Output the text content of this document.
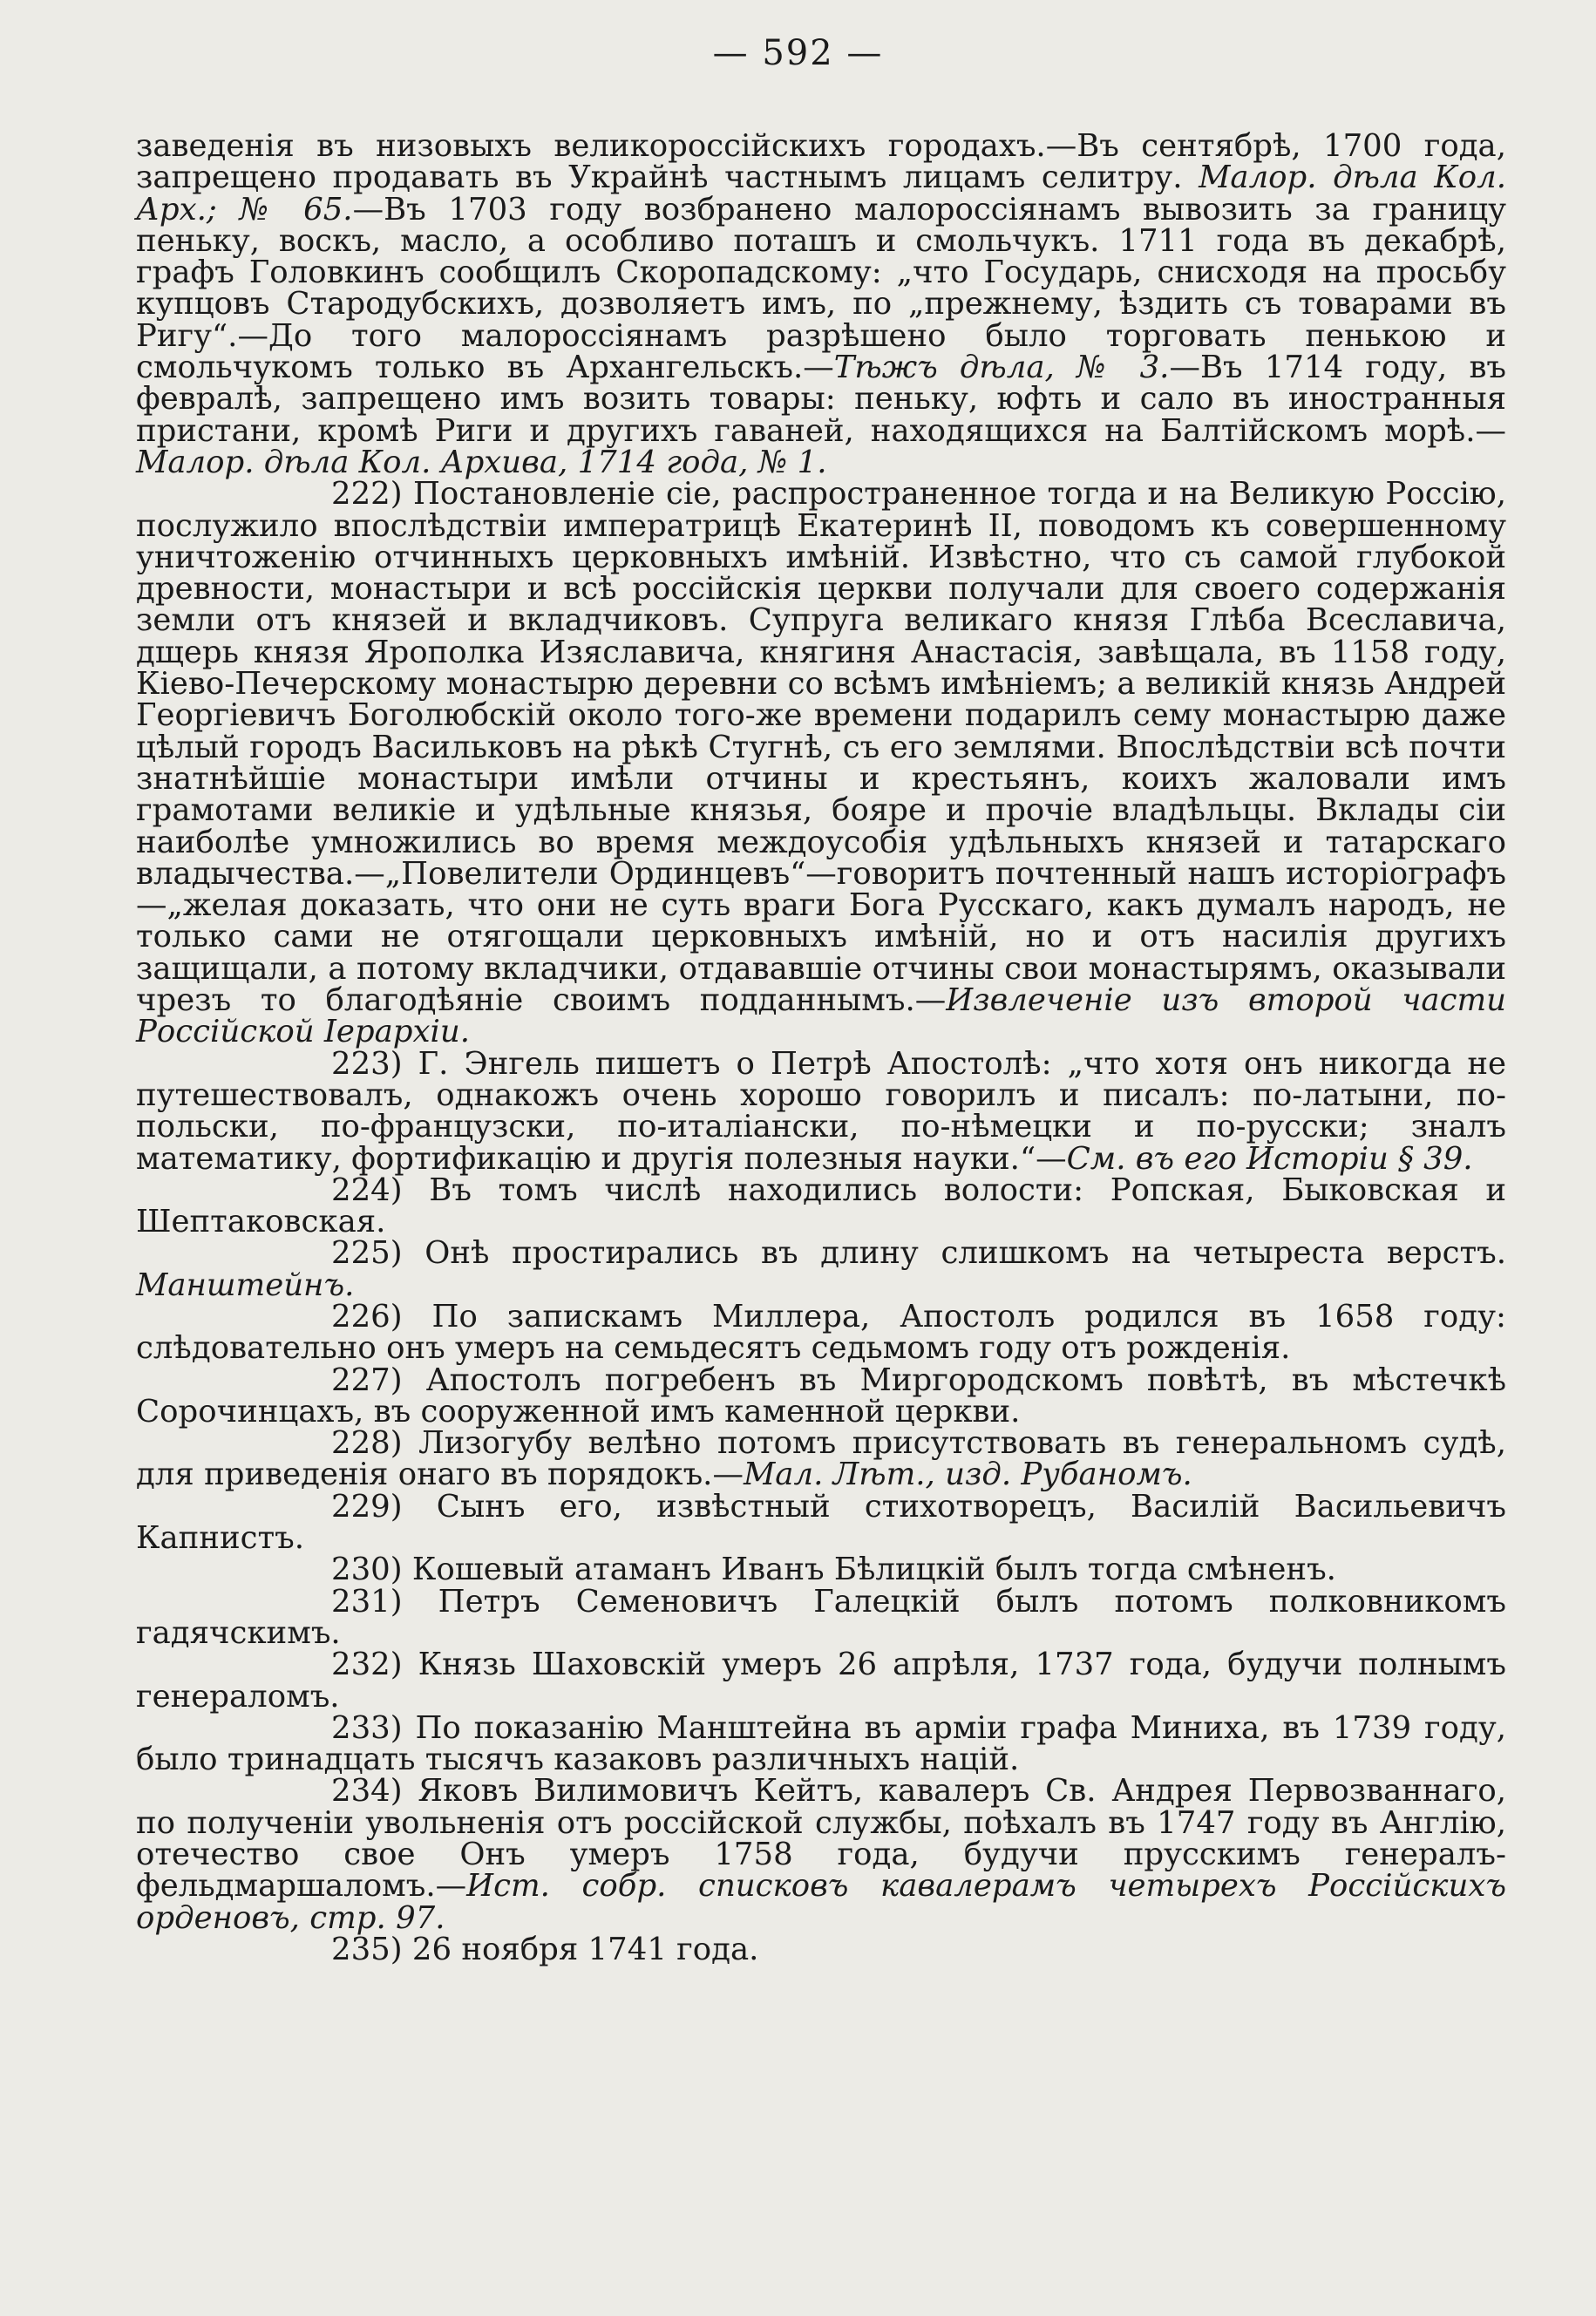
— 592 —

заведенія въ низовыхъ великороссійскихъ городахъ.—Въ сентябрѣ, 1700 года, запрещено продавать въ Украйнѣ частнымъ лицамъ селитру. Малор. дѣла Кол. Арх.; № 65.—Въ 1703 году возбранено малороссіянамъ вывозить за границу пеньку, воскъ, масло, а особливо поташъ и смольчукъ. 1711 года въ декабрѣ, графъ Головкинъ сообщилъ Скоропадскому: „что Государь, снисходя на просьбу купцовъ Стародубскихъ, дозволяетъ имъ, по „прежнему, ѣздить съ товарами въ Ригу“.—До того малороссіянамъ разрѣшено было торговать пенькою и смольчукомъ только въ Архангельскъ.—Тѣжъ дѣла, № 3.—Въ 1714 году, въ февралѣ, запрещено имъ возить товары: пеньку, юфть и сало въ иностранныя пристани, кромѣ Риги и другихъ гаваней, находящихся на Балтійскомъ морѣ.—Малор. дѣла Кол. Архива, 1714 года, № 1.

222) Постановленіе сіе, распространенное тогда и на Великую Россію, послужило впослѣдствіи императрицѣ Екатеринѣ II, поводомъ къ совершенному уничтоженію отчинныхъ церковныхъ имѣній. Извѣстно, что съ самой глубокой древности, монастыри и всѣ россійскія церкви получали для своего содержанія земли отъ князей и вкладчиковъ. Супруга великаго князя Глѣба Всеславича, дщерь князя Ярополка Изяславича, княгиня Анастасія, завѣщала, въ 1158 году, Кіево-Печерскому монастырю деревни со всѣмъ имѣніемъ; а великій князь Андрей Георгіевичъ Боголюбскій около того-же времени подарилъ сему монастырю даже цѣлый городъ Васильковъ на рѣкѣ Стугнѣ, съ его землями. Впослѣдствіи всѣ почти знатнѣйшіе монастыри имѣли отчины и крестьянъ, коихъ жаловали имъ грамотами великіе и удѣльные князья, бояре и прочіе владѣльцы. Вклады сіи наиболѣе умножились во время междоусобія удѣльныхъ князей и татарскаго владычества.—„Повелители Ординцевъ“—говоритъ почтенный нашъ исторіографъ—„желая доказать, что они не суть враги Бога Русскаго, какъ думалъ народъ, не только сами не отягощали церковныхъ имѣній, но и отъ насилія другихъ защищали, а потому вкладчики, отдававшіе отчины свои монастырямъ, оказывали чрезъ то благодѣяніе своимъ подданнымъ.—Извлеченіе изъ второй части Россійской Іерархіи.

223) Г. Энгель пишетъ о Петрѣ Апостолѣ: „что хотя онъ никогда не путешествовалъ, однакожъ очень хорошо говорилъ и писалъ: по-латыни, по-польски, по-французски, по-италіански, по-нѣмецки и по-русски; зналъ математику, фортификацію и другія полезныя науки.“—См. въ его Исторіи § 39.

224) Въ томъ числѣ находились волости: Ропская, Быковская и Шептаковская.

225) Онѣ простирались въ длину слишкомъ на четыреста верстъ. Манштейнъ.

226) По запискамъ Миллера, Апостолъ родился въ 1658 году: слѣдовательно онъ умеръ на семьдесятъ седьмомъ году отъ рожденія.

227) Апостолъ погребенъ въ Миргородскомъ повѣтѣ, въ мѣстечкѣ Сорочинцахъ, въ сооруженной имъ каменной церкви.

228) Лизогубу велѣно потомъ присутствовать въ генеральномъ судѣ, для приведенія онаго въ порядокъ.—Мал. Лѣт., изд. Рубаномъ.

229) Сынъ его, извѣстный стихотворецъ, Василій Васильевичъ Капнистъ.

230) Кошевый атаманъ Иванъ Бѣлицкій былъ тогда смѣненъ.

231) Петръ Семеновичъ Галецкій былъ потомъ полковникомъ гадячскимъ.

232) Князь Шаховскій умеръ 26 апрѣля, 1737 года, будучи полнымъ генераломъ.

233) По показанію Манштейна въ арміи графа Миниха, въ 1739 году, было тринадцать тысячъ казаковъ различныхъ націй.

234) Яковъ Вилимовичъ Кейтъ, кавалеръ Св. Андрея Первозваннаго, по полученіи увольненія отъ россійской службы, поѣхалъ въ 1747 году въ Англію, отечество свое Онъ умеръ 1758 года, будучи прусскимъ генералъ-фельдмаршаломъ.—Ист. собр. списковъ кавалерамъ четырехъ Россійскихъ орденовъ, стр. 97.

235) 26 ноября 1741 года.
